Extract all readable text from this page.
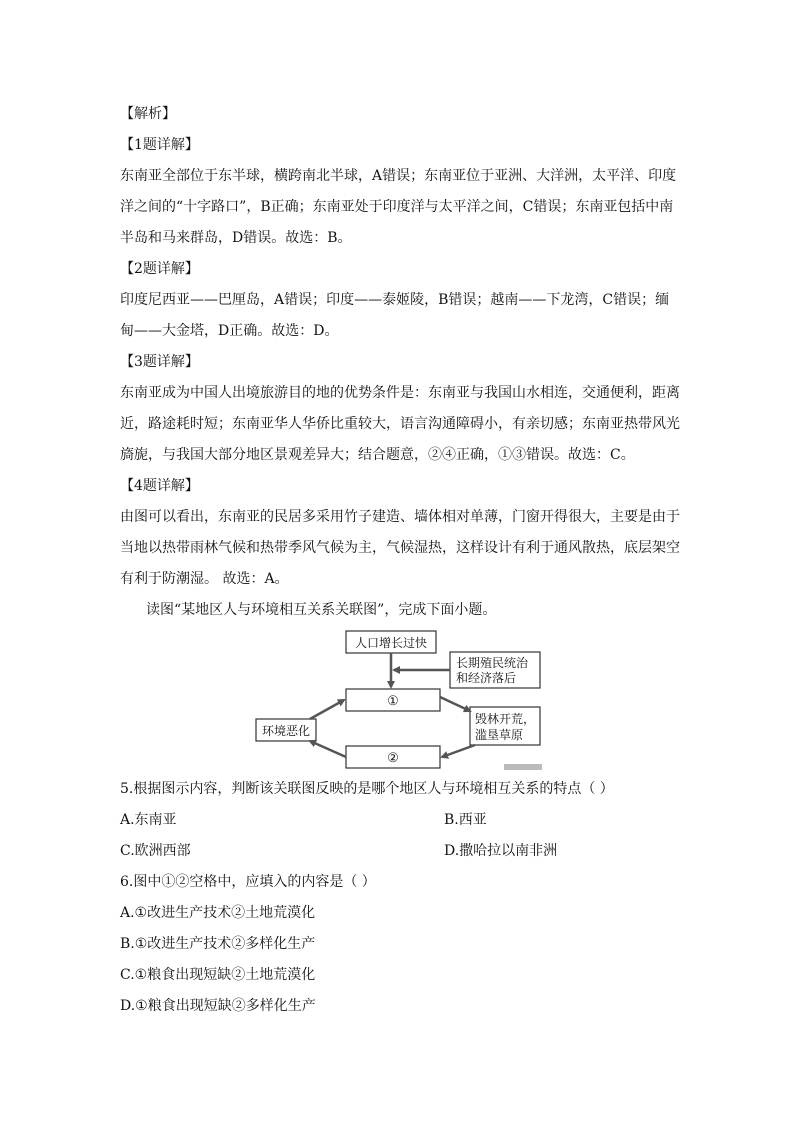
【解析】
【1题详解】
东南亚全部位于东半球，横跨南北半球，A错误；东南亚位于亚洲、大洋洲，太平洋、印度
洋之间的“十字路口”，B正确；东南亚处于印度洋与太平洋之间，C错误；东南亚包括中南
半岛和马来群岛，D错误。故选：B。
【2题详解】
印度尼西亚——巴厘岛，A错误；印度——泰姬陵，B错误；越南——下龙湾，C错误；缅
甸——大金塔，D正确。故选：D。
【3题详解】
东南亚成为中国人出境旅游目的地的优势条件是：东南亚与我国山水相连，交通便利，距离
近，路途耗时短；东南亚华人华侨比重较大，语言沟通障碍小，有亲切感；东南亚热带风光
旖旎，与我国大部分地区景观差异大；结合题意，②④正确，①③错误。故选：C。
【4题详解】
由图可以看出，东南亚的民居多采用竹子建造、墙体相对单薄，门窗开得很大，主要是由于
当地以热带雨林气候和热带季风气候为主，气候湿热，这样设计有利于通风散热，底层架空
有利于防潮湿。 故选：A。
读图“某地区人与环境相互关系关联图”，完成下面小题。
人口增长过快
长期殖民统治
和经济落后
①
毁林开荒，
滥垦草原
②
环境恶化
5.根据图示内容，判断该关联图反映的是哪个地区人与环境相互关系的特点（ ）
A.东南亚	B.西亚
C.欧洲西部	D.撒哈拉以南非洲
6.图中①②空格中，应填入的内容是（ ）
A.①改进生产技术②土地荒漠化
B.①改进生产技术②多样化生产
C.①粮食出现短缺②土地荒漠化
D.①粮食出现短缺②多样化生产
